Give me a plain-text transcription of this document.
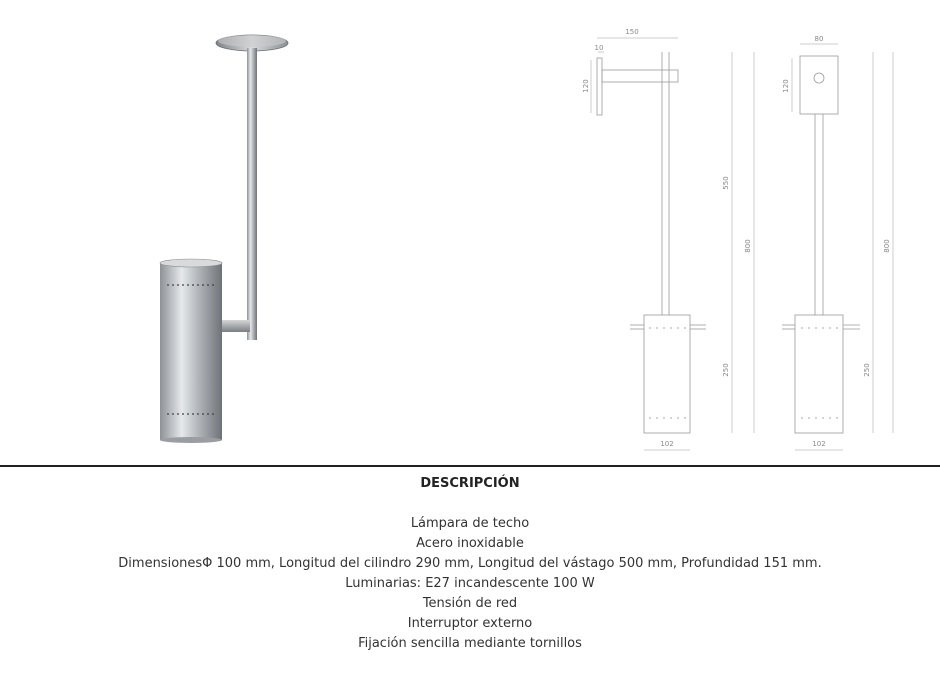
150
10
120
550
800
250
102
80
120
800
250
102
DESCRIPCIÓN
Lámpara de techo
Acero inoxidable
DimensionesΦ 100 mm, Longitud del cilindro 290 mm, Longitud del vástago 500 mm, Profundidad 151 mm.
Luminarias: E27 incandescente 100 W
Tensión de red
Interruptor externo
Fijación sencilla mediante tornillos
